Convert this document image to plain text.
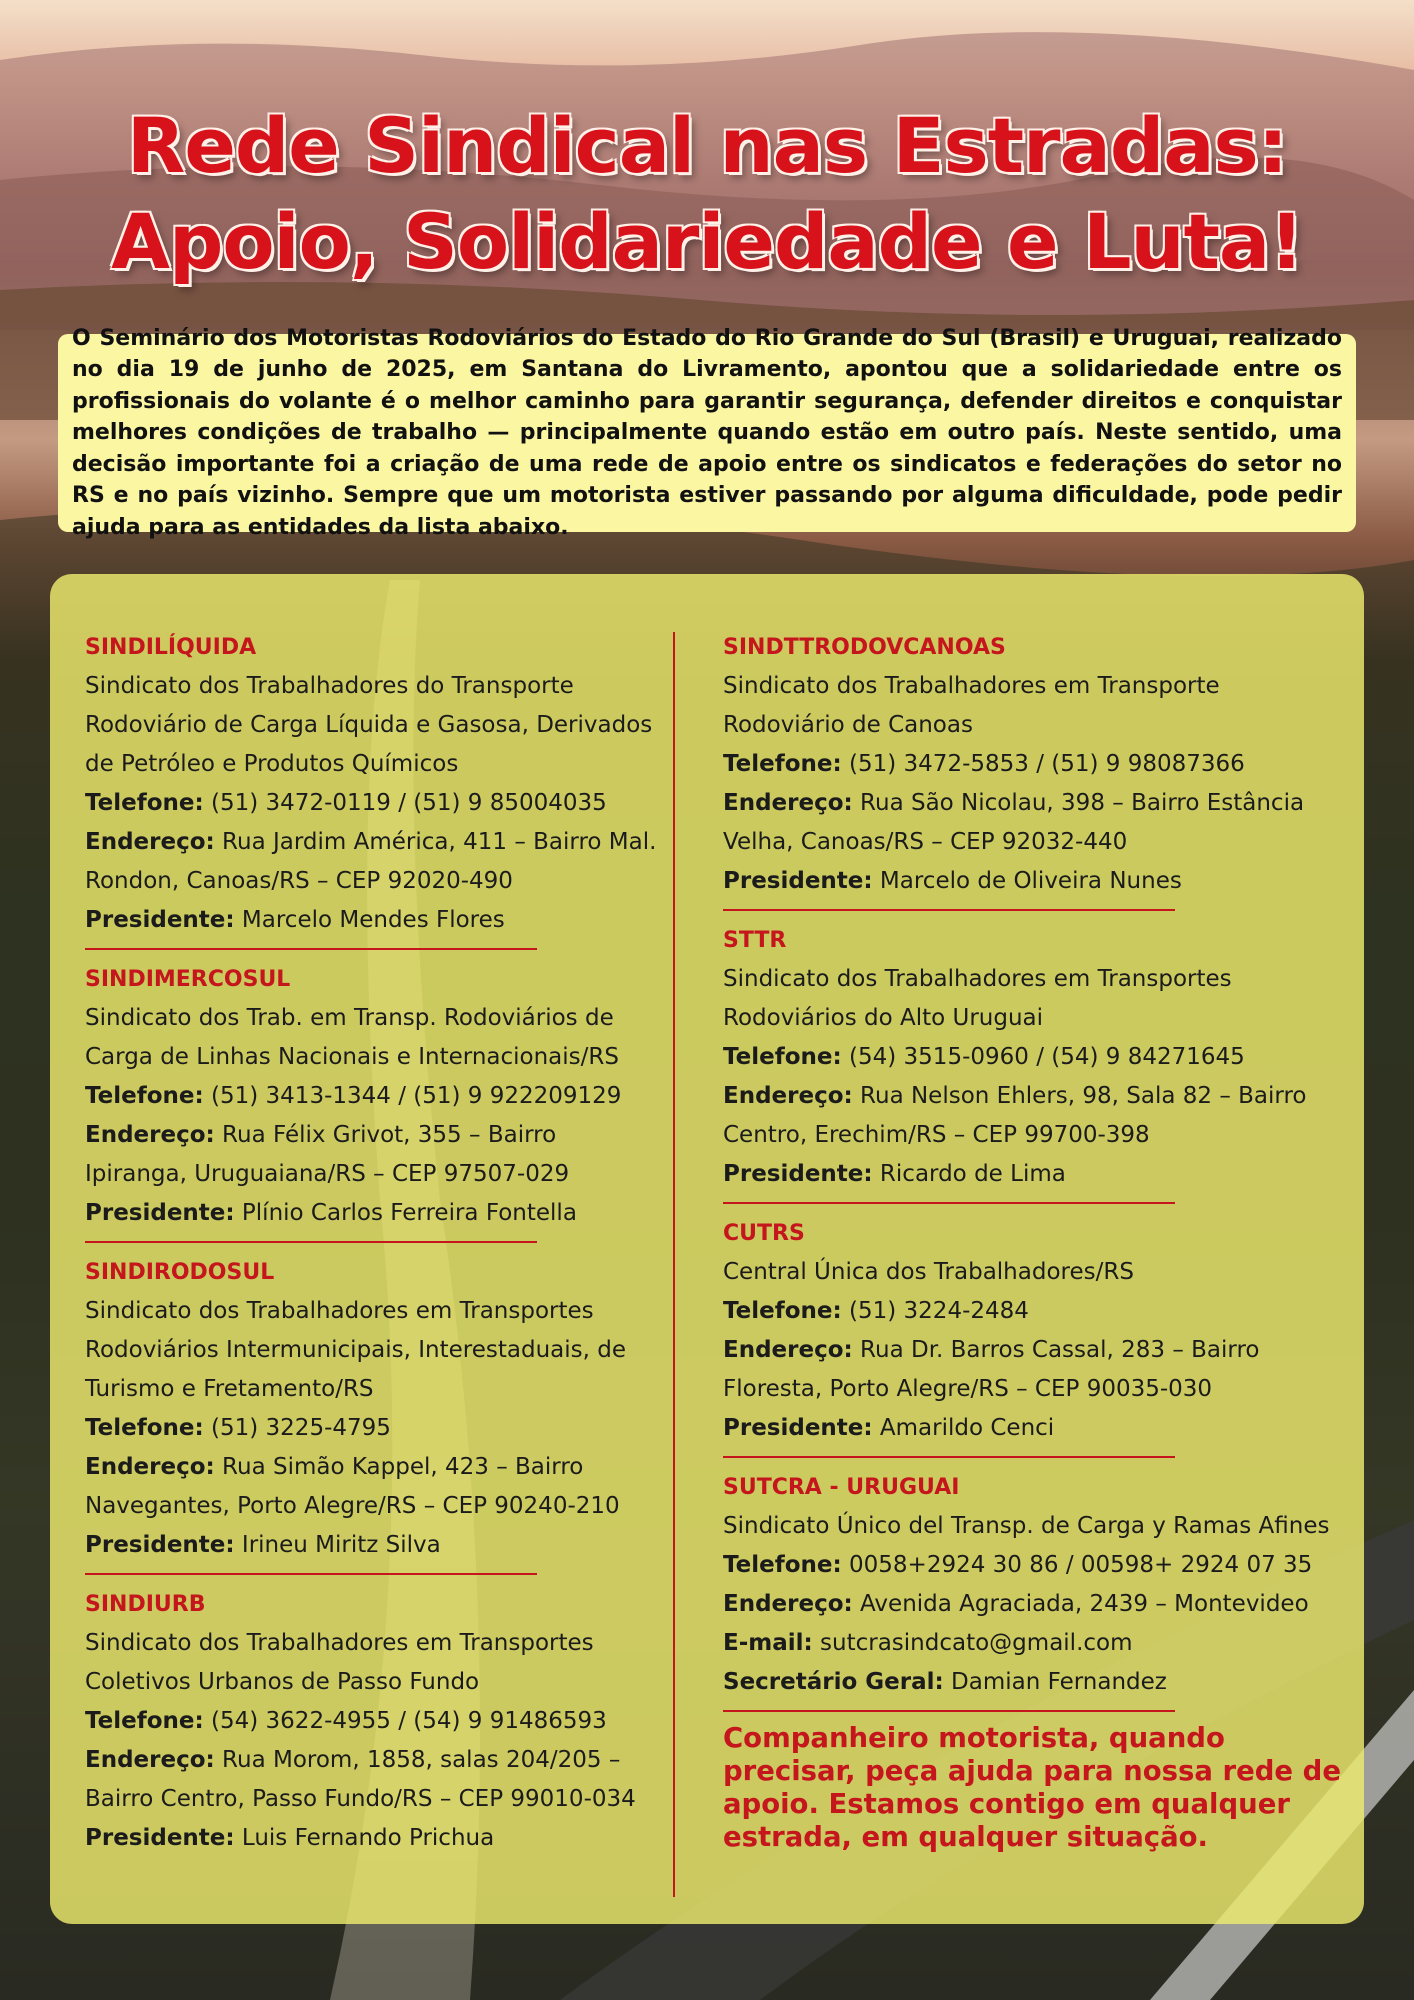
Rede Sindical nas Estradas:
Apoio, Solidariedade e Luta!

O Seminário dos Motoristas Rodoviários do Estado do Rio Grande do Sul (Brasil) e Uruguai, realizado no dia 19 de junho de 2025, em Santana do Livramento, apontou que a solidariedade entre os profissionais do volante é o melhor caminho para garantir segurança, defender direitos e conquistar melhores condições de trabalho — principalmente quando estão em outro país. Neste sentido, uma decisão importante foi a criação de uma rede de apoio entre os sindicatos e federações do setor no RS e no país vizinho. Sempre que um motorista estiver passando por alguma dificuldade, pode pedir ajuda para as entidades da lista abaixo.

SINDILÍQUIDA
Sindicato dos Trabalhadores do Transporte Rodoviário de Carga Líquida e Gasosa, Derivados de Petróleo e Produtos Químicos
Telefone: (51) 3472-0119 / (51) 9 85004035
Endereço: Rua Jardim América, 411 – Bairro Mal. Rondon, Canoas/RS – CEP 92020-490
Presidente: Marcelo Mendes Flores
SINDIMERCOSUL
Sindicato dos Trab. em Transp. Rodoviários de Carga de Linhas Nacionais e Internacionais/RS
Telefone: (51) 3413-1344 / (51) 9 922209129
Endereço: Rua Félix Grivot, 355 – Bairro Ipiranga, Uruguaiana/RS – CEP 97507-029
Presidente: Plínio Carlos Ferreira Fontella
SINDIRODOSUL
Sindicato dos Trabalhadores em Transportes Rodoviários Intermunicipais, Interestaduais, de Turismo e Fretamento/RS
Telefone: (51) 3225-4795
Endereço: Rua Simão Kappel, 423 – Bairro Navegantes, Porto Alegre/RS – CEP 90240-210
Presidente: Irineu Miritz Silva
SINDIURB
Sindicato dos Trabalhadores em Transportes Coletivos Urbanos de Passo Fundo
Telefone: (54) 3622-4955 / (54) 9 91486593
Endereço: Rua Morom, 1858, salas 204/205 – Bairro Centro, Passo Fundo/RS – CEP 99010-034
Presidente: Luis Fernando Prichua
SINDTTRODOVCANOAS
Sindicato dos Trabalhadores em Transporte Rodoviário de Canoas
Telefone: (51) 3472-5853 / (51) 9 98087366
Endereço: Rua São Nicolau, 398 – Bairro Estância Velha, Canoas/RS – CEP 92032-440
Presidente: Marcelo de Oliveira Nunes
STTR
Sindicato dos Trabalhadores em Transportes Rodoviários do Alto Uruguai
Telefone: (54) 3515-0960 / (54) 9 84271645
Endereço: Rua Nelson Ehlers, 98, Sala 82 – Bairro Centro, Erechim/RS – CEP 99700-398
Presidente: Ricardo de Lima
CUTRS
Central Única dos Trabalhadores/RS
Telefone: (51) 3224-2484
Endereço: Rua Dr. Barros Cassal, 283 – Bairro Floresta, Porto Alegre/RS – CEP 90035-030
Presidente: Amarildo Cenci
SUTCRA - URUGUAI
Sindicato Único del Transp. de Carga y Ramas Afines
Telefone: 0058+2924 30 86 / 00598+ 2924 07 35
Endereço: Avenida Agraciada, 2439 – Montevideo
E-mail: sutcrasindcato@gmail.com
Secretário Geral: Damian Fernandez
Companheiro motorista, quando precisar, peça ajuda para nossa rede de apoio. Estamos contigo em qualquer estrada, em qualquer situação.
